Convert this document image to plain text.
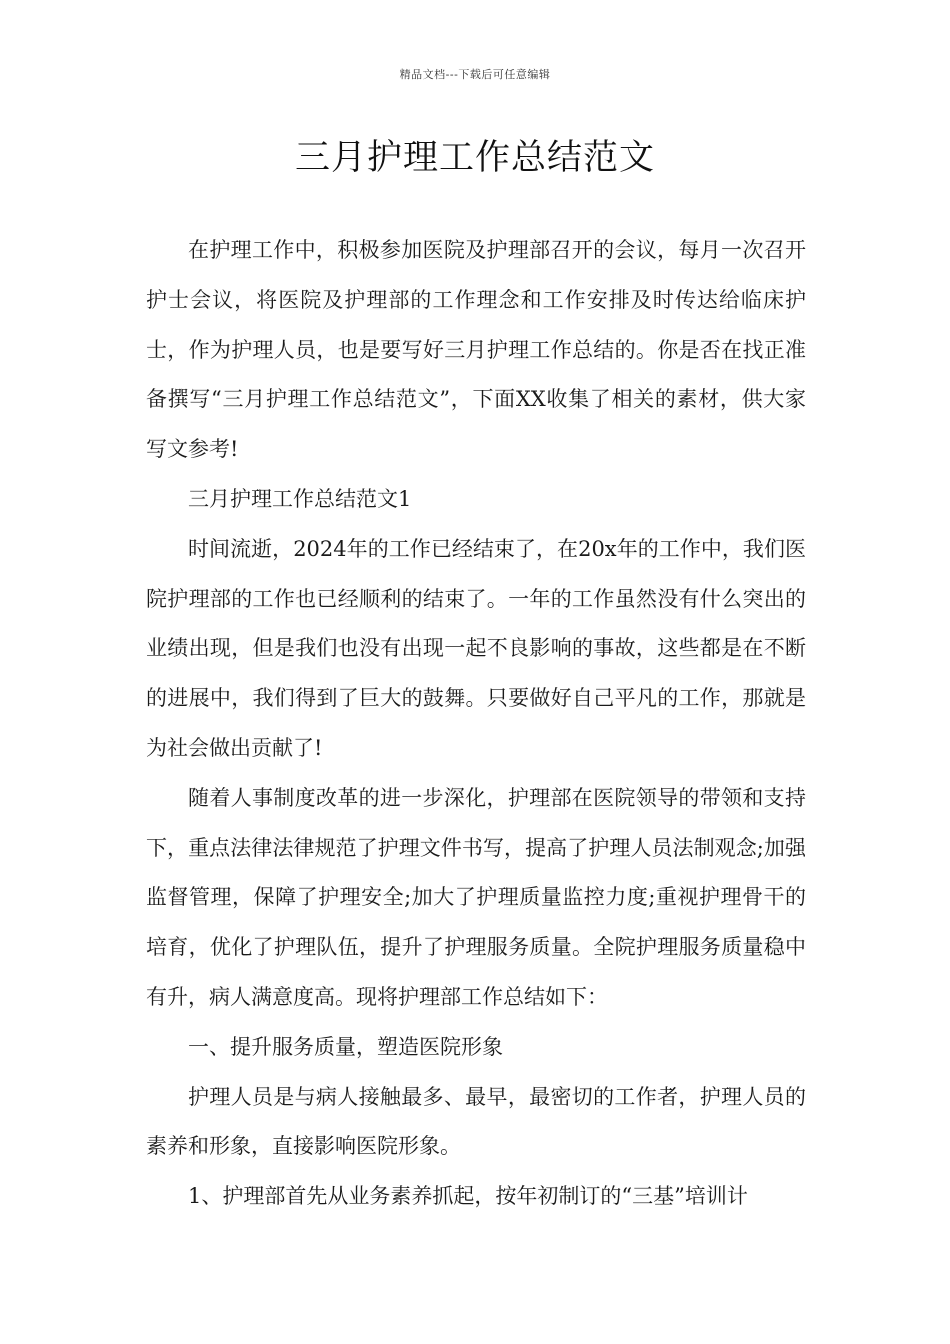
精品文档---下载后可任意编辑
三月护理工作总结范文

在护理工作中，积极参加医院及护理部召开的会议，每月一次召开护士会议，将医院及护理部的工作理念和工作安排及时传达给临床护士，作为护理人员，也是要写好三月护理工作总结的。你是否在找正准备撰写“三月护理工作总结范文”，下面XX收集了相关的素材，供大家写文参考!

三月护理工作总结范文1

时间流逝，2024年的工作已经结束了，在20x年的工作中，我们医院护理部的工作也已经顺利的结束了。一年的工作虽然没有什么突出的业绩出现，但是我们也没有出现一起不良影响的事故，这些都是在不断的进展中，我们得到了巨大的鼓舞。只要做好自己平凡的工作，那就是为社会做出贡献了!

随着人事制度改革的进一步深化，护理部在医院领导的带领和支持下，重点法律法律规范了护理文件书写，提高了护理人员法制观念;加强监督管理，保障了护理安全;加大了护理质量监控力度;重视护理骨干的培育，优化了护理队伍，提升了护理服务质量。全院护理服务质量稳中有升，病人满意度高。现将护理部工作总结如下：

一、提升服务质量，塑造医院形象

护理人员是与病人接触最多、最早，最密切的工作者，护理人员的素养和形象，直接影响医院形象。

1、护理部首先从业务素养抓起，按年初制订的“三基”培训计
